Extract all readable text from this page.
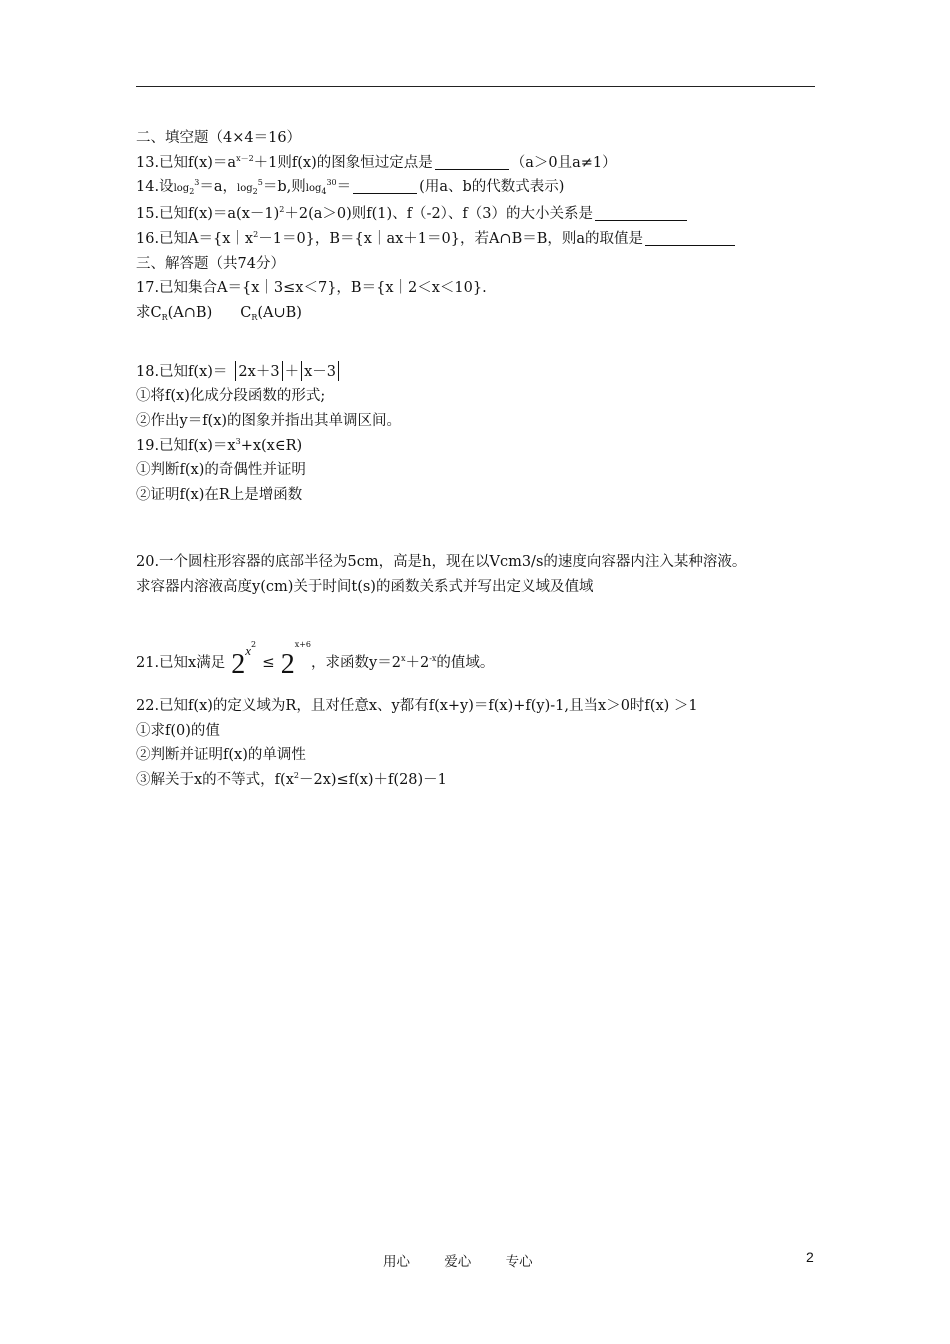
二、填空题（4×4＝16）
13.已知$f(x)=a^{x-2}+1$则f(x)的图象恒过定点是	（a＞0且a≠1）
14.设$\log_2^3=a$，$\log_2^5=b$,则$\log_4^{30}=$	(用a、b的代数式表示)
15.已知$f(x)=a(x-1)^2+2(a>0)$则f(1)、f（-2）、f（3）的大小关系是
16.已知$A=\{x|x^2-1=0\}$，B＝{x｜ax＋1＝0}，若A∩B＝B，则a的取值是
三、解答题（共74分）
17.已知集合A＝{x｜3≤x＜7}，B＝{x｜2＜x＜10}.
求$C_R(A\cap B)$ $C_R(A\cup B)$
18.已知f(x)＝ 2x＋3 ＋ x－3
①将f(x)化成分段函数的形式;
②作出y＝f(x)的图象并指出其单调区间。
19.已知$f(x)=x^3+x(x\in R)$
①判断f(x)的奇偶性并证明
②证明f(x)在R上是增函数
20.一个圆柱形容器的底部半径为5cm，高是h，现在以Vcm3/s的速度向容器内注入某种溶液。
求容器内溶液高度y(cm)关于时间t(s)的函数关系式并写出定义域及值域
21.已知x满足 $2x^2\le 2^{x+6}$，求函数$y=2^x+2^{-x}$的值域。
22.已知f(x)的定义域为R，且对任意x、y都有f(x+y)＝f(x)+f(y)-1,且当x＞0时f(x) ＞1
①求f(0)的值
②判断并证明f(x)的单调性
③解关于x的不等式，$f(x^2-2x)\le f(x)+f(28)-1$
用心	爱心	专心	2
